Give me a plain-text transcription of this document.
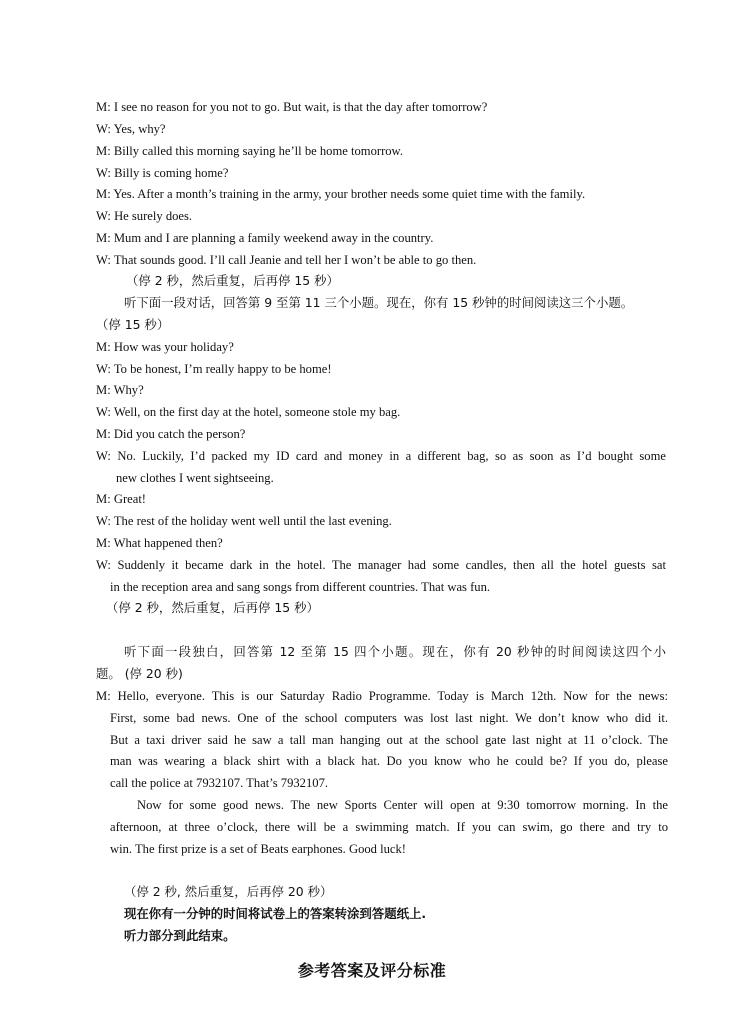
M: I see no reason for you not to go. But wait, is that the day after tomorrow?
W: Yes, why?
M: Billy called this morning saying he’ll be home tomorrow.
W: Billy is coming home?
M: Yes. After a month’s training in the army, your brother needs some quiet time with the family.
W: He surely does.
M: Mum and I are planning a family weekend away in the country.
W: That sounds good. I’ll call Jeanie and tell her I won’t be able to go then.
（停 2 秒，然后重复，后再停 15 秒）
听下面一段对话，回答第 9 至第 11 三个小题。现在，你有 15 秒钟的时间阅读这三个小题。
（停 15 秒）
M: How was your holiday?
W: To be honest, I’m really happy to be home!
M: Why?
W: Well, on the first day at the hotel, someone stole my bag.
M: Did you catch the person?
W: No. Luckily, I’d packed my ID card and money in a different bag, so as soon as I’d bought some
new clothes I went sightseeing.
M: Great!
W: The rest of the holiday went well until the last evening.
M: What happened then?
W: Suddenly it became dark in the hotel. The manager had some candles, then all the hotel guests sat
in the reception area and sang songs from different countries. That was fun.
（停 2 秒，然后重复，后再停 15 秒）
听下面一段独白，回答第 12 至第 15 四个小题。现在，你有 20 秒钟的时间阅读这四个小
题。 (停 20 秒)
M: Hello, everyone. This is our Saturday Radio Programme. Today is March 12th. Now for the news:
First, some bad news. One of the school computers was lost last night. We don’t know who did it.
But a taxi driver said he saw a tall man hanging out at the school gate last night at 11 o’clock. The
man was wearing a black shirt with a black hat. Do you know who he could be? If you do, please
call the police at 7932107. That’s 7932107.
Now for some good news. The new Sports Center will open at 9:30 tomorrow morning. In the
afternoon, at three o’clock, there will be a swimming match. If you can swim, go there and try to
win. The first prize is a set of Beats earphones. Good luck!
（停 2 秒, 然后重复，后再停 20 秒）
现在你有一分钟的时间将试卷上的答案转涂到答题纸上.
听力部分到此结束。
参考答案及评分标准
